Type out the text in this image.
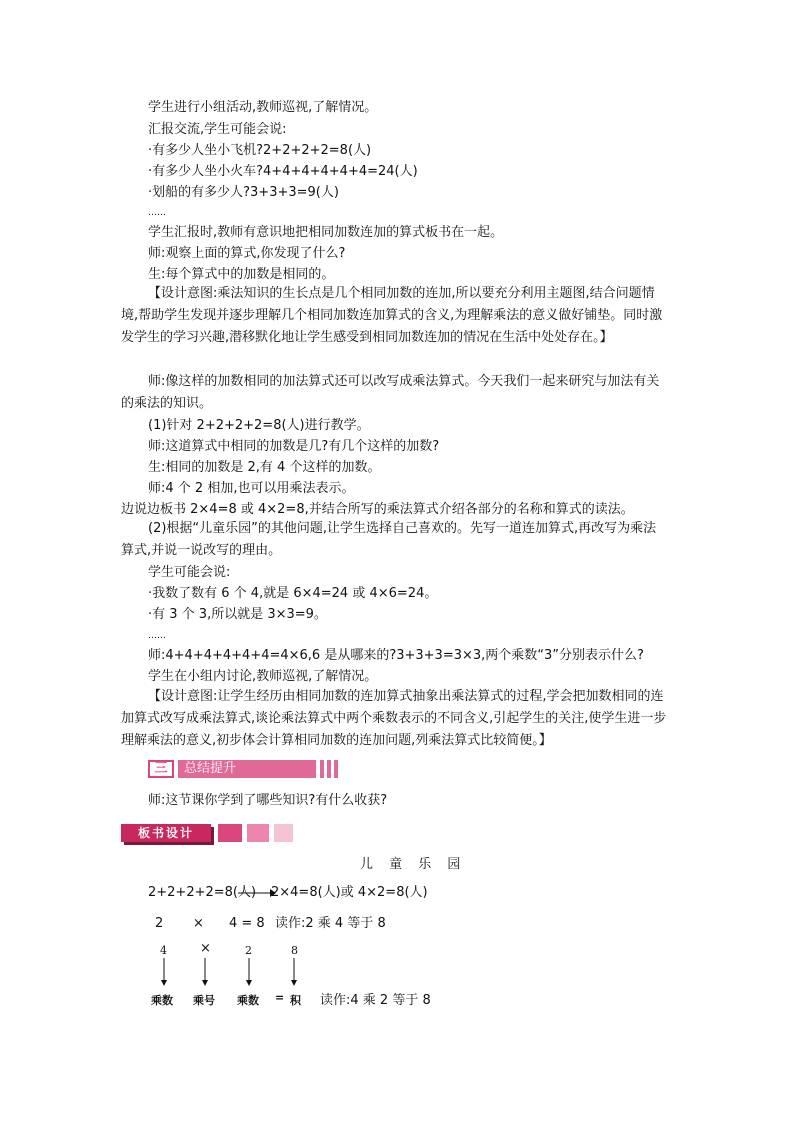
学生进行小组活动,教师巡视,了解情况。
汇报交流,学生可能会说:
·有多少人坐小飞机?2+2+2+2=8(人)
·有多少人坐小火车?4+4+4+4+4+4=24(人)
·划船的有多少人?3+3+3=9(人)
……
学生汇报时,教师有意识地把相同加数连加的算式板书在一起。
师:观察上面的算式,你发现了什么?
生:每个算式中的加数是相同的。
【设计意图:乘法知识的生长点是几个相同加数的连加,所以要充分利用主题图,结合问题情境,帮助学生发现并逐步理解几个相同加数连加算式的含义,为理解乘法的意义做好铺垫。同时激发学生的学习兴趣,潜移默化地让学生感受到相同加数连加的情况在生活中处处存在。】
师:像这样的加数相同的加法算式还可以改写成乘法算式。今天我们一起来研究与加法有关的乘法的知识。
(1)针对 2+2+2+2=8(人)进行教学。
师:这道算式中相同的加数是几?有几个这样的加数?
生:相同的加数是 2,有 4 个这样的加数。
师:4 个 2 相加,也可以用乘法表示。
边说边板书 2×4=8 或 4×2=8,并结合所写的乘法算式介绍各部分的名称和算式的读法。
(2)根据“儿童乐园”的其他问题,让学生选择自己喜欢的。先写一道连加算式,再改写为乘法算式,并说一说改写的理由。
学生可能会说:
·我数了数有 6 个 4,就是 6×4=24 或 4×6=24。
·有 3 个 3,所以就是 3×3=9。
……
师:4+4+4+4+4+4=4×6,6 是从哪来的?3+3+3=3×3,两个乘数“3”分别表示什么?
学生在小组内讨论,教师巡视,了解情况。
【设计意图:让学生经历由相同加数的连加算式抽象出乘法算式的过程,学会把加数相同的连加算式改写成乘法算式,谈论乘法算式中两个乘数表示的不同含义,引起学生的关注,使学生进一步理解乘法的意义,初步体会计算相同加数的连加问题,列乘法算式比较简便。】
三	总结提升
师:这节课你学到了哪些知识?有什么收获?
板书设计
儿 童 乐 园
2+2+2+2=8(人) 2×4=8(人)或 4×2=8(人)
2 × 4 = 8 读作:2 乘 4 等于 8
4	×	2	8
乘数 乘号 乘数 = 积 读作:4 乘 2 等于 8
